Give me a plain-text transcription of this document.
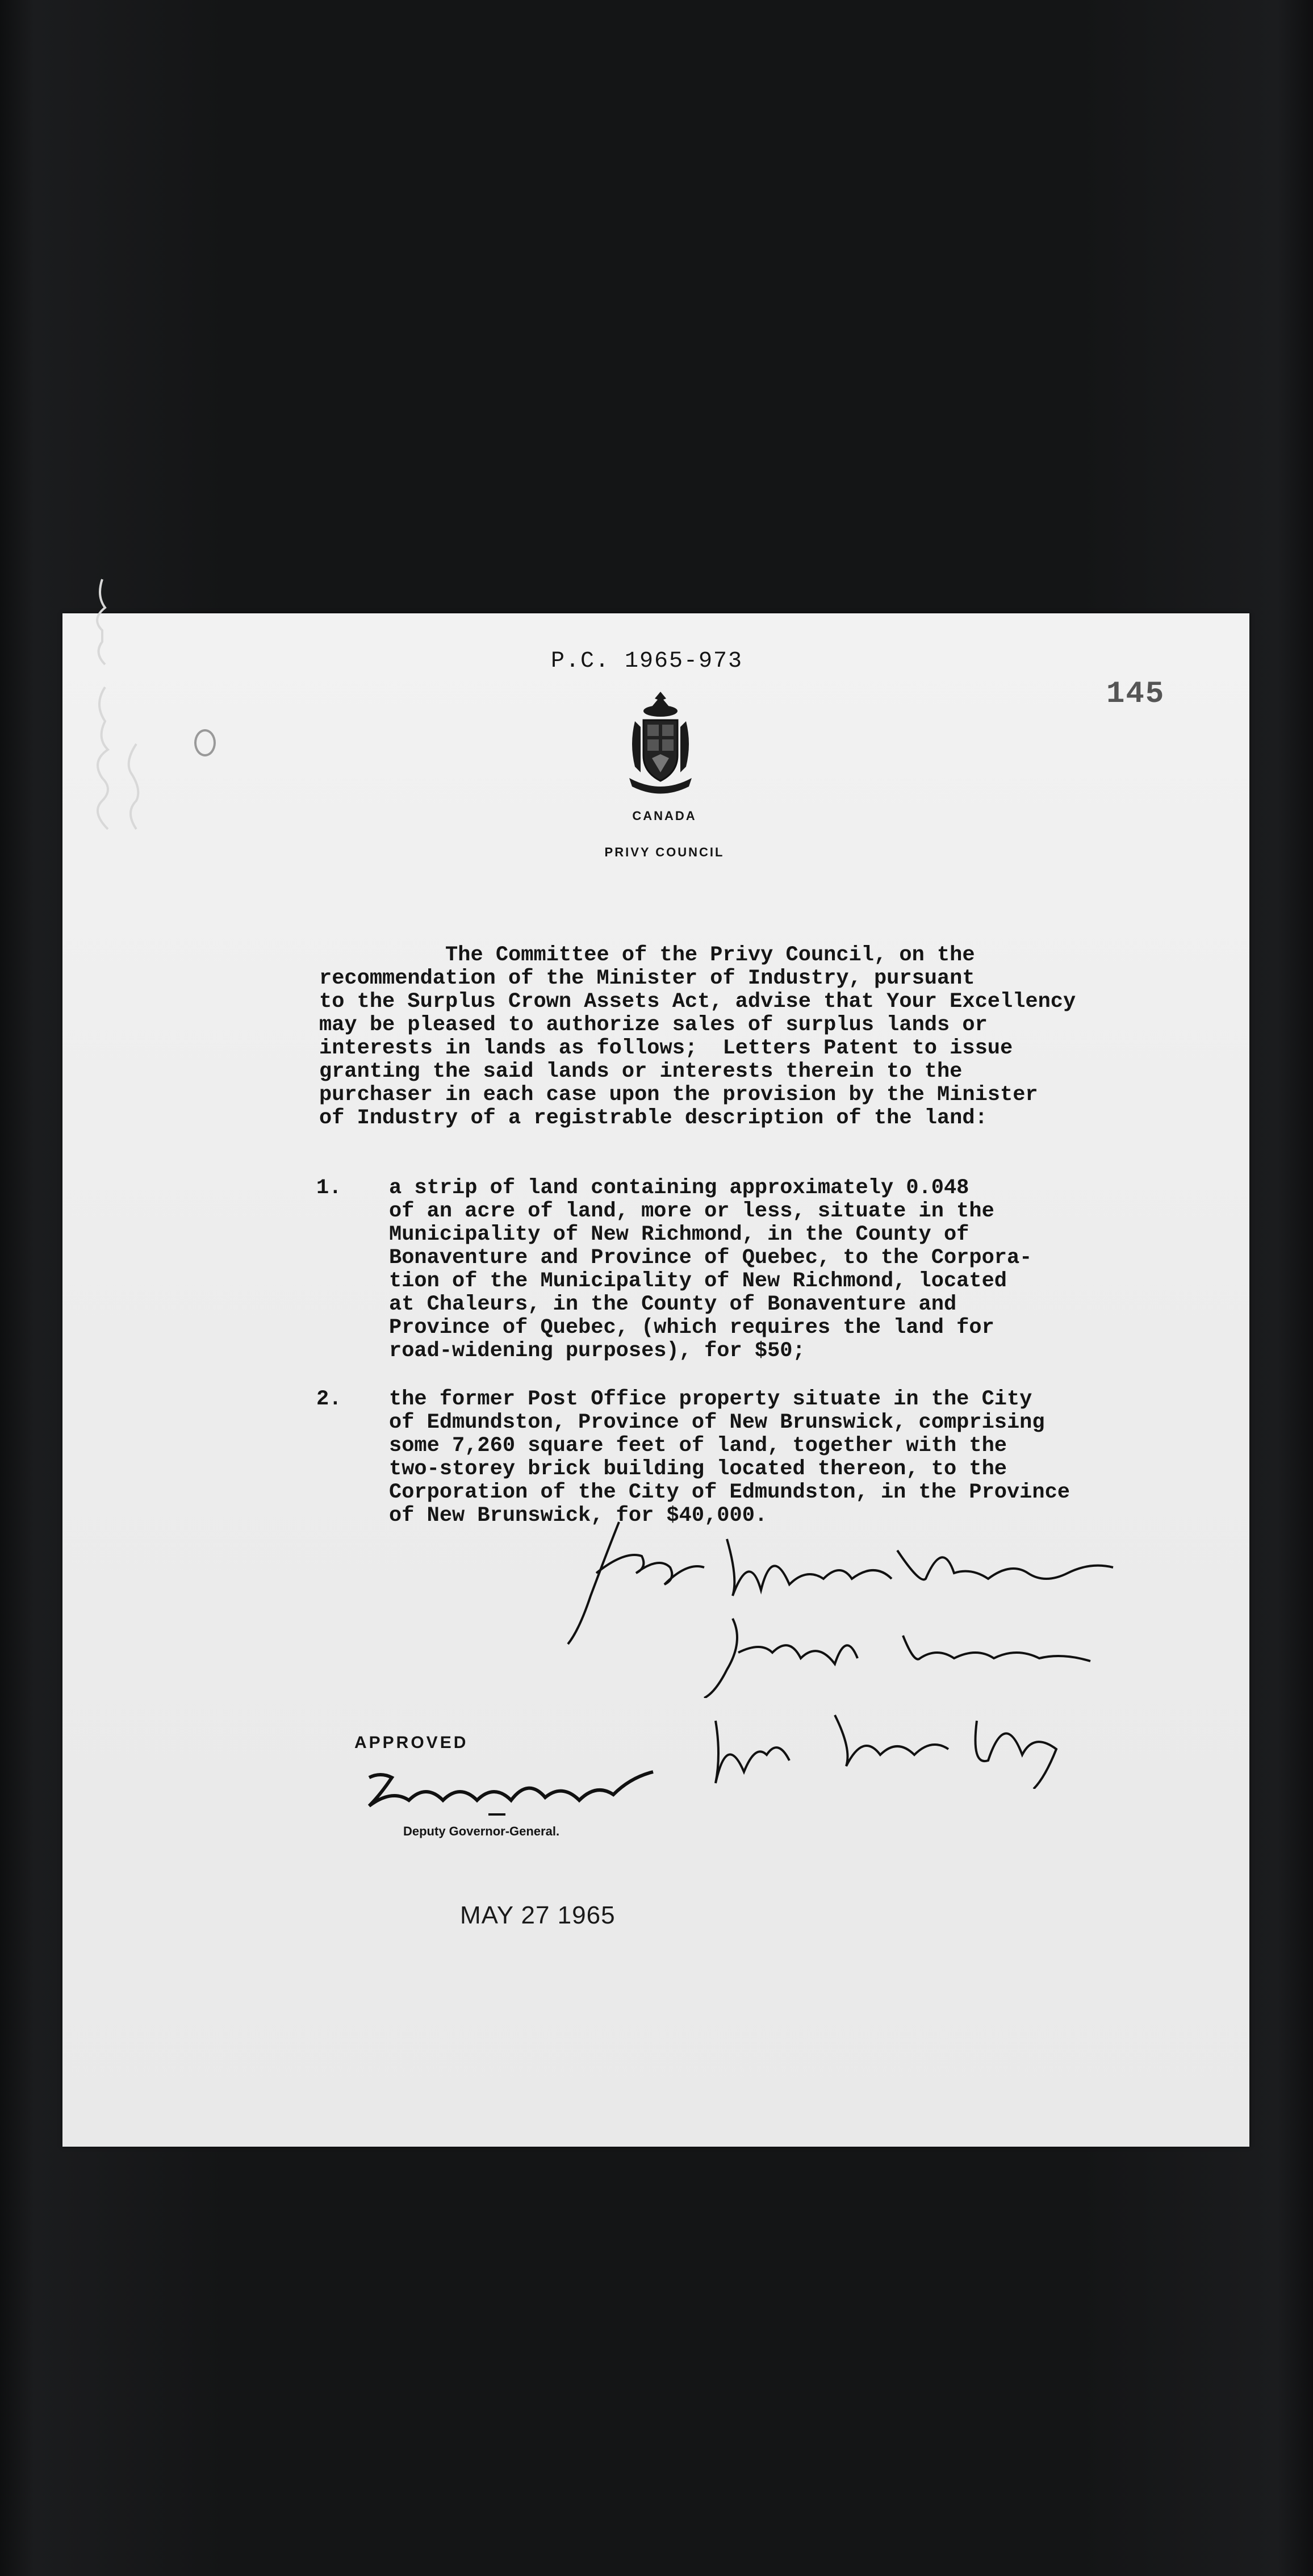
P.C. 1965-973
145
CANADA
PRIVY COUNCIL
The Committee of the Privy Council, on the
recommendation of the Minister of Industry, pursuant
to the Surplus Crown Assets Act, advise that Your Excellency
may be pleased to authorize sales of surplus lands or
interests in lands as follows;  Letters Patent to issue
granting the said lands or interests therein to the
purchaser in each case upon the provision by the Minister
of Industry of a registrable description of the land:
1. a strip of land containing approximately 0.048
of an acre of land, more or less, situate in the
Municipality of New Richmond, in the County of
Bonaventure and Province of Quebec, to the Corpora-
tion of the Municipality of New Richmond, located
at Chaleurs, in the County of Bonaventure and
Province of Quebec, (which requires the land for
road-widening purposes), for $50;
2. the former Post Office property situate in the City
of Edmundston, Province of New Brunswick, comprising
some 7,260 square feet of land, together with the
two-storey brick building located thereon, to the
Corporation of the City of Edmundston, in the Province
of New Brunswick, for $40,000.
APPROVED
Deputy Governor-General.
MAY 27 1965
